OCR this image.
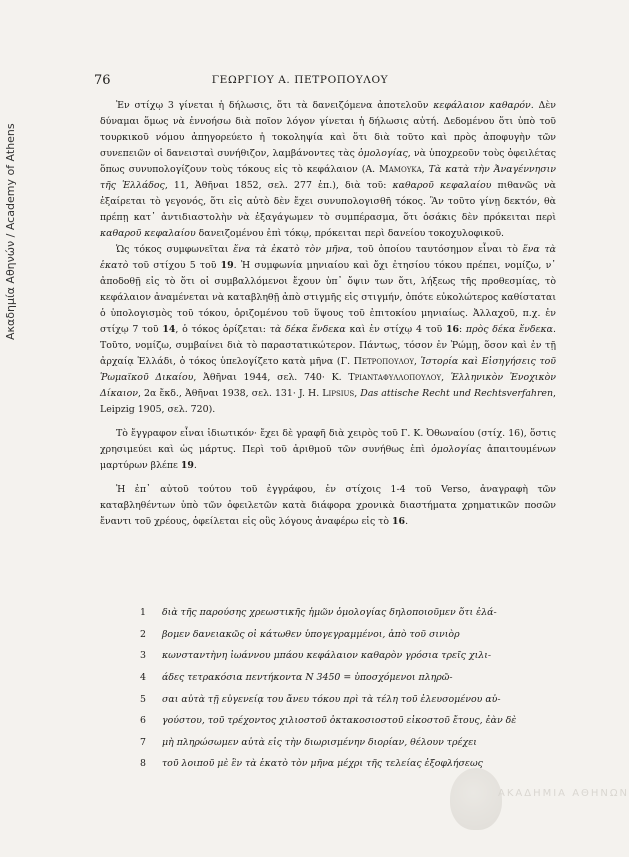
Ακαδημία Αθηνών / Academy of Athens
76	ΓΕΩΡΓΙΟΥ Α. ΠΕΤΡΟΠΟΥΛΟΥ

Ἐν στίχῳ 3 γίνεται ἡ δήλωσις, ὅτι τὰ δανειζόμενα ἀποτελοῦν κεφάλαιον καθαρόν. Δὲν δύναμαι ὅμως νὰ ἐννοήσω διὰ ποῖον λόγον γίνεται ἡ δήλωσις αὐτή. Δεδομένου ὅτι ὑπὸ τοῦ τουρκικοῦ νόμου ἀπηγορεύετο ἡ τοκοληψία καὶ ὅτι διὰ τοῦτο καὶ πρὸς ἀποφυγὴν τῶν συνεπειῶν οἱ δανεισταὶ συνήθιζον, λαμβάνοντες τὰς ὁμολογίας, νὰ ὑποχρεοῦν τοὺς ὀφειλέτας ὅπως συνυπολογίζουν τοὺς τόκους εἰς τὸ κεφάλαιον (Α. Μαμουκα, Τὰ κατὰ τὴν Ἀναγέννησιν τῆς Ἑλλάδος, 11, Ἀθῆναι 1852, σελ. 277 ἑπ.), διὰ τοῦ: καθαροῦ κεφαλαίου πιθανῶς νὰ ἐξαίρεται τὸ γεγονός, ὅτι εἰς αὐτὸ δὲν ἔχει συνυπολογισθῆ τόκος. Ἂν τοῦτο γίνῃ δεκτόν, θὰ πρέπῃ κατ᾽ ἀντιδιαστολὴν νὰ ἐξαγάγωμεν τὸ συμπέρασμα, ὅτι ὁσάκις δὲν πρόκειται περὶ καθαροῦ κεφαλαίου δανειζομένου ἐπὶ τόκῳ, πρόκειται περὶ δανείου τοκοχυλοφικοῦ.

Ὡς τόκος συμφωνεῖται ἕνα τὰ ἑκατὸ τὸν μῆνα, τοῦ ὁποίου ταυτόσημον εἶναι τὸ ἕνα τὰ ἑκατὸ τοῦ στίχου 5 τοῦ 19. Ἡ συμφωνία μηνιαίου καὶ ὄχι ἐτησίου τόκου πρέπει, νομίζω, ν᾽ ἀποδοθῇ εἰς τὸ ὅτι οἱ συμβαλλόμενοι ἔχουν ὑπ᾽ ὄψιν των ὅτι, λήξεως τῆς προθεσμίας, τὸ κεφάλαιον ἀναμένεται νὰ καταβληθῇ ἀπὸ στιγμῆς εἰς στιγμήν, ὁπότε εὐκολώτερος καθίσταται ὁ ὑπολογισμὸς τοῦ τόκου, ὁριζομένου τοῦ ὕψους τοῦ ἐπιτοκίου μηνιαίως. Ἀλλαχοῦ, π.χ. ἐν στίχῳ 7 τοῦ 14, ὁ τόκος ὁρίζεται: τὰ δέκα ἕνδεκα καὶ ἐν στίχῳ 4 τοῦ 16: πρὸς δέκα ἕνδεκα. Τοῦτο, νομίζω, συμβαίνει διὰ τὸ παραστατικώτερον. Πάντως, τόσον ἐν Ῥώμῃ, ὅσον καὶ ἐν τῇ ἀρχαίᾳ Ἑλλάδι, ὁ τόκος ὑπελογίζετο κατὰ μῆνα (Γ. Πετροπουλου, Ἱστορία καὶ Εἰσηγήσεις τοῦ Ῥωμαϊκοῦ Δικαίου, Ἀθῆναι 1944, σελ. 740· Κ. Τριανταφυλλοπουλου, Ἑλληνικὸν Ἐνοχικὸν Δίκαιον, 2α ἔκδ., Ἀθῆναι 1938, σελ. 131· J. H. Lipsius, Das attische Recht und Rechtsverfahren, Leipzig 1905, σελ. 720).

Τὸ ἔγγραφον εἶναι ἰδιωτικόν· ἔχει δὲ γραφῆ διὰ χειρὸς τοῦ Γ. Κ. Ὀθωναίου (στίχ. 16), ὅστις χρησιμεύει καὶ ὡς μάρτυς. Περὶ τοῦ ἀριθμοῦ τῶν συνήθως ἐπὶ ὁμολογίας ἀπαιτουμένων μαρτύρων βλέπε 19.

Ἡ ἐπ᾽ αὐτοῦ τούτου τοῦ ἐγγράφου, ἐν στίχοις 1-4 τοῦ Verso, ἀναγραφὴ τῶν καταβληθέντων ὑπὸ τῶν ὀφειλετῶν κατὰ διάφορα χρονικὰ διαστήματα χρηματικῶν ποσῶν ἔναντι τοῦ χρέους, ὀφείλεται εἰς οὓς λόγους ἀναφέρω εἰς τὸ 16.

1	διὰ τῆς παρούσης χρεωστικῆς ἡμῶν ὁμολογίας δηλοποιοῦμεν ὅτι ἐλά-
2	βομεν δανειακῶς οἱ κάτωθεν ὑπογεγραμμένοι, ἀπὸ τοῦ σινιὸρ
3	κωνσταντὴνη ἰωάννου μπάου κεφάλαιον καθαρὸν γρόσια τρεῖς χιλι-
4	άδες τετρακόσια πεντήκοντα Ν 3450 = ὑποσχόμενοι πληρῶ-
5	σαι αὐτὰ τῇ εὐγενείᾳ του ἄνευ τόκου πρὶ τὰ τέλη τοῦ ἐλευσομένου αὐ-
6	γούστου, τοῦ τρέχοντος χιλιοστοῦ ὀκτακοσιοστοῦ εἰκοστοῦ ἔτους, ἐὰν δὲ
7	μὴ πληρώσωμεν αὐτὰ εἰς τὴν διωρισμένην διορίαν, θέλουν τρέχει
8	τοῦ λοιποῦ μὲ ἓν τὰ ἑκατὸ τὸν μῆνα μέχρι τῆς τελείας ἐξοφλήσεως
ΑΚΑΔΗΜΙΑ ΑΘΗΝΩΝ
